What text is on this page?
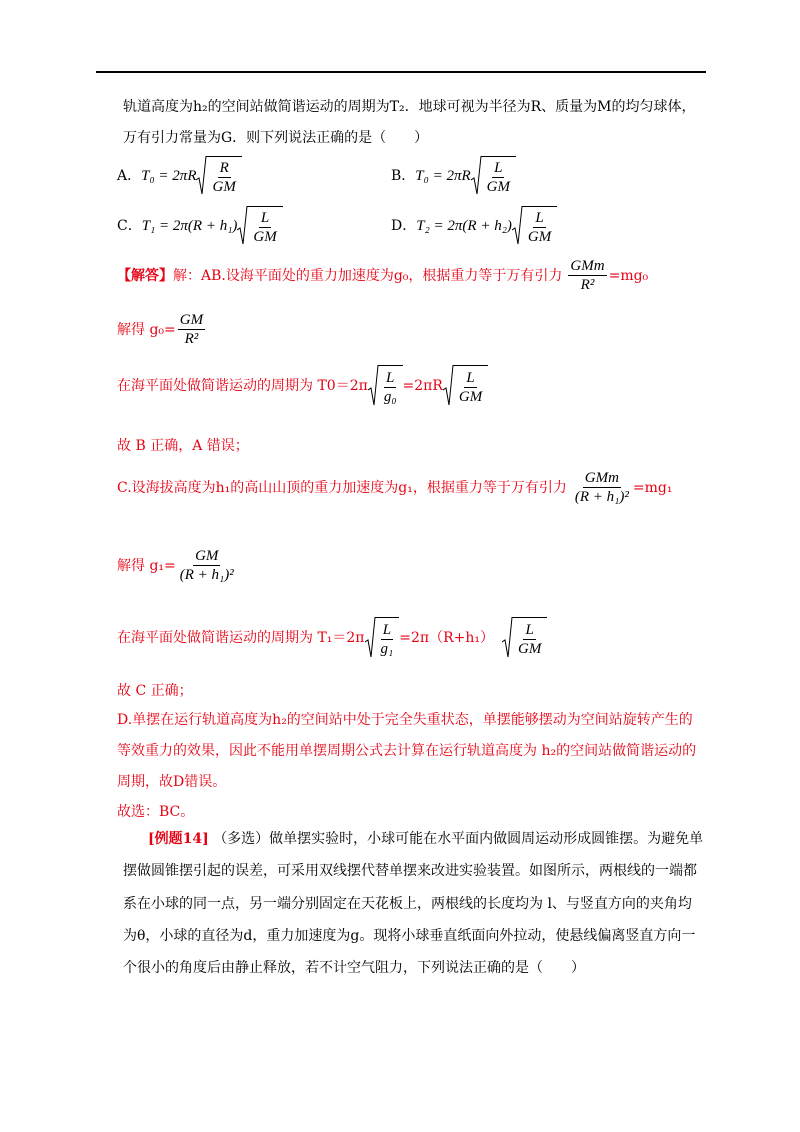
轨道高度为h₂的空间站做简谐运动的周期为T₂．地球可视为半径为R、质量为M的均匀球体，
万有引力常量为G．则下列说法正确的是（　　）
A． $T_0 = 2\pi R \frac{R}{GM}$	B． $T_0 = 2\pi R \frac{L}{GM}$
C． $T_1 = 2\pi(R + h_1) \frac{L}{GM}$	D． $T_2 = 2\pi(R + h_2) \frac{L}{GM}$
【解答】 解：AB.设海平面处的重力加速度为g₀，根据重力等于万有引力 $\frac{\text{GMm}}{\text{R²}} =mg_0$
解得 $g_0= \frac{GM}{\text{R²}}$
在海平面处做简谐运动的周期为 $T0=2\pi \frac{L}{\text{g₀}} =2\pi R \frac{L}{GM}$
故 B 正确，A 错误；
C.设海拔高度为h₁的高山山顶的重力加速度为g₁，根据重力等于万有引力 $\frac{\text{GMm}}{\text{(R + h₁)²}} =mg_1$
解得 $g_1= \frac{GM}{\text{(R + h₁)²}}$
在海平面处做简谐运动的周期为 $T_1=2\pi \frac{L}{\text{g₁}} =2\pi(R+h_1) \frac{L}{GM}$
故 C 正确；
D.单摆在运行轨道高度为h₂的空间站中处于完全失重状态，单摆能够摆动为空间站旋转产生的
等效重力的效果，因此不能用单摆周期公式去计算在运行轨道高度为 h₂的空间站做简谐运动的
周期，故D错误。
故选：BC。
[例题14] （多选）做单摆实验时，小球可能在水平面内做圆周运动形成圆锥摆。为避免单
摆做圆锥摆引起的误差，可采用双线摆代替单摆来改进实验装置。如图所示，两根线的一端都
系在小球的同一点，另一端分别固定在天花板上，两根线的长度均为 l、与竖直方向的夹角均
为θ，小球的直径为d，重力加速度为g。现将小球垂直纸面向外拉动，使悬线偏离竖直方向一
个很小的角度后由静止释放，若不计空气阻力，下列说法正确的是（　　）
